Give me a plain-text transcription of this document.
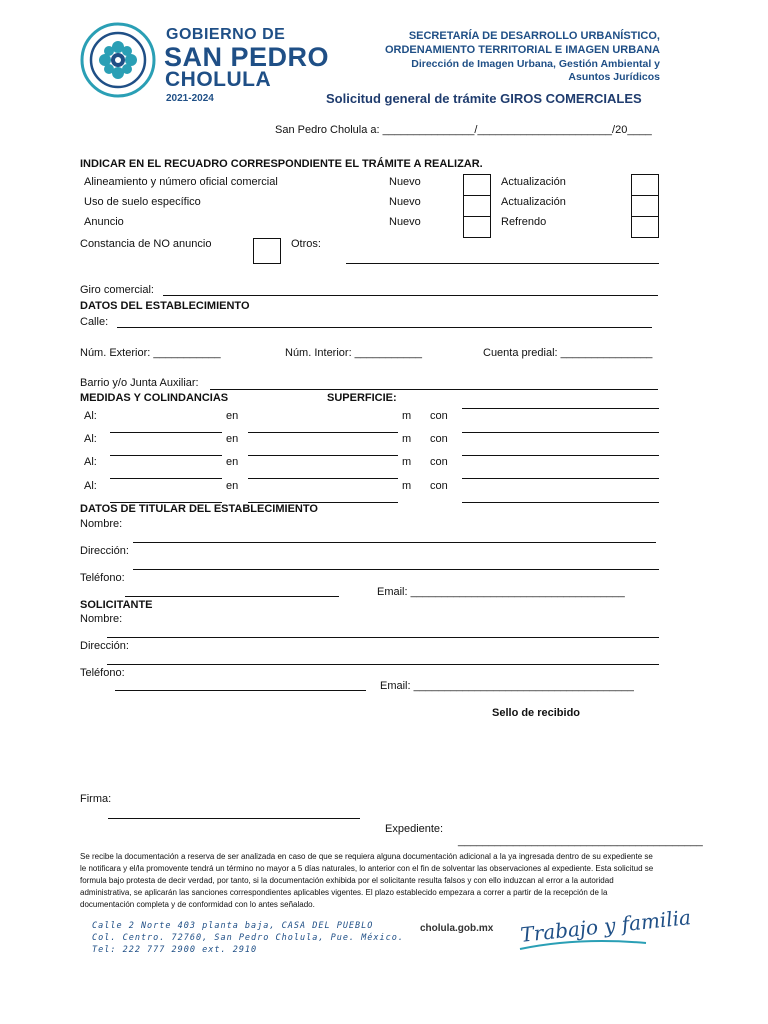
GOBIERNO DE
SAN PEDRO
CHOLULA
2021-2024
SECRETARÍA DE DESARROLLO URBANÍSTICO,
ORDENAMIENTO TERRITORIAL E IMAGEN URBANA
Dirección de Imagen Urbana, Gestión Ambiental y
Asuntos Jurídicos
Solicitud general de trámite GIROS COMERCIALES
San Pedro Cholula a: _______________/______________________/20____
INDICAR EN EL RECUADRO CORRESPONDIENTE EL TRÁMITE A REALIZAR.
Alineamiento y número oficial comercial	Nuevo	Actualización
Uso de suelo específico	Nuevo	Actualización
Anuncio	Nuevo	Refrendo
Constancia de NO anuncio	Otros:
Giro comercial:
DATOS DEL ESTABLECIMIENTO
Calle:
Núm. Exterior: ___________	Núm. Interior: ___________	Cuenta predial: _______________
Barrio y/o Junta Auxiliar:
MEDIDAS Y COLINDANCIAS	SUPERFICIE:
Al:	en	m con
Al:	en	m con
Al:	en	m con
Al:	en	m con
DATOS DE TITULAR DEL ESTABLECIMIENTO
Nombre:
Dirección:
Teléfono:
Email: ___________________________________
SOLICITANTE
Nombre:
Dirección:
Teléfono:
Email: ____________________________________
Sello de recibido
Firma:
Expediente:
________________________________________
Se recibe la documentación a reserva de ser analizada en caso de que se requiera alguna documentación adicional a la ya ingresada dentro de su expediente se le notificara y el/la promovente tendrá un término no mayor a 5 días naturales, lo anterior con el fin de solventar las observaciones al expediente. Esta solicitud se formula bajo protesta de decir verdad, por tanto, si la documentación exhibida por el solicitante resulta falsos y con ello induzcan al error a la autoridad administrativa, se aplicarán las sanciones correspondientes aplicables vigentes. El plazo establecido empezara a correr a partir de la recepción de la documentación completa y de conformidad con lo antes señalado.
Calle 2 Norte 403 planta baja, CASA DEL PUEBLO
Col. Centro. 72760, San Pedro Cholula, Pue. México.
Tel: 222 777 2900 ext. 2910
cholula.gob.mx Trabajo y familia
